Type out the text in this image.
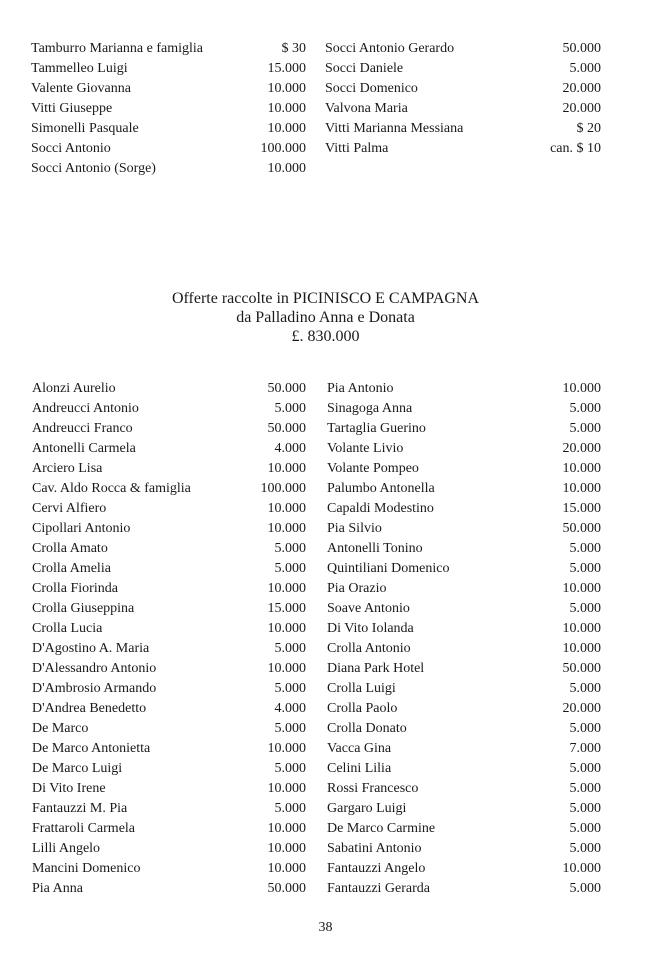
Tamburro Marianna e famiglia	$ 30
Tammelleo Luigi	15.000
Valente Giovanna	10.000
Vitti Giuseppe	10.000
Simonelli Pasquale	10.000
Socci Antonio	100.000
Socci Antonio (Sorge)	10.000
Socci Antonio Gerardo	50.000
Socci Daniele	5.000
Socci Domenico	20.000
Valvona Maria	20.000
Vitti Marianna Messiana	$ 20
Vitti Palma	can. $ 10
Offerte raccolte in PICINISCO E CAMPAGNA
da Palladino Anna e Donata
£. 830.000
Alonzi Aurelio	50.000
Andreucci Antonio	5.000
Andreucci Franco	50.000
Antonelli Carmela	4.000
Arciero Lisa	10.000
Cav. Aldo Rocca & famiglia	100.000
Cervi Alfiero	10.000
Cipollari Antonio	10.000
Crolla Amato	5.000
Crolla Amelia	5.000
Crolla Fiorinda	10.000
Crolla Giuseppina	15.000
Crolla Lucia	10.000
D'Agostino A. Maria	5.000
D'Alessandro Antonio	10.000
D'Ambrosio Armando	5.000
D'Andrea Benedetto	4.000
De Marco	5.000
De Marco Antonietta	10.000
De Marco Luigi	5.000
Di Vito Irene	10.000
Fantauzzi M. Pia	5.000
Frattaroli Carmela	10.000
Lilli Angelo	10.000
Mancini Domenico	10.000
Pia Anna	50.000
Pia Antonio	10.000
Sinagoga Anna	5.000
Tartaglia Guerino	5.000
Volante Livio	20.000
Volante Pompeo	10.000
Palumbo Antonella	10.000
Capaldi Modestino	15.000
Pia Silvio	50.000
Antonelli Tonino	5.000
Quintiliani Domenico	5.000
Pia Orazio	10.000
Soave Antonio	5.000
Di Vito Iolanda	10.000
Crolla Antonio	10.000
Diana Park Hotel	50.000
Crolla Luigi	5.000
Crolla Paolo	20.000
Crolla Donato	5.000
Vacca Gina	7.000
Celini Lilia	5.000
Rossi Francesco	5.000
Gargaro Luigi	5.000
De Marco Carmine	5.000
Sabatini Antonio	5.000
Fantauzzi Angelo	10.000
Fantauzzi Gerarda	5.000
38
